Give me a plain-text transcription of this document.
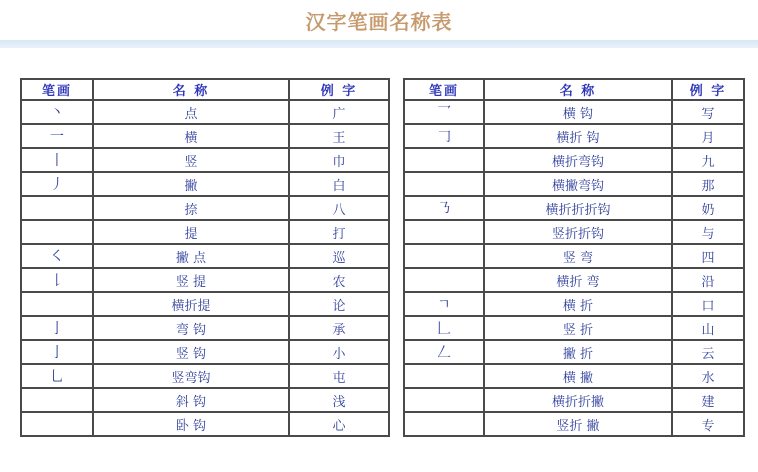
汉字笔画名称表
笔画	名 称	例 字
丶	点	广
一	横	王
丨	竖	巾
丿	撇	白
	捺	八
	提	打
㇛	撇 点	巡
𠄌	竖 提	农
	横折提	论
亅	弯 钩	承
亅	竖 钩	小
乚	竖弯钩	屯
	斜 钩	浅
	卧 钩	心
笔画	名 称	例 字
乛	横 钩	写
𠃌	横折 钩	月
	横折弯钩	九
	横撇弯钩	那
㇡	横折折折钩	奶
	竖折折钩	与
	竖 弯	四
	横折 弯	沿
ㄱ	横 折	口
𠃊	竖 折	山
𠃋	撇 折	云
	横 撇	水
	横折折撇	建
	竖折 撇	专
